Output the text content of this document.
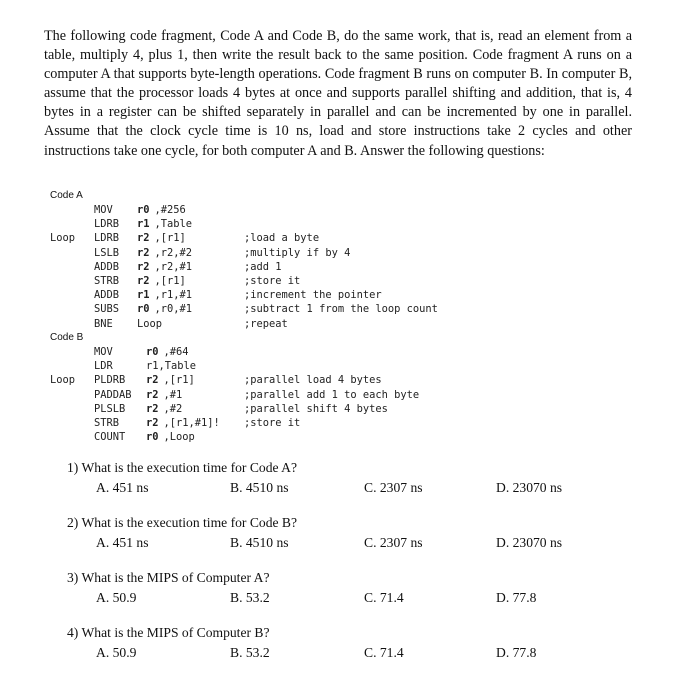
The following code fragment, Code A and Code B, do the same work, that is, read an element from a table, multiply 4, plus 1, then write the result back to the same position. Code fragment A runs on a computer A that supports byte-length operations. Code fragment B runs on computer B. In computer B, assume that the processor loads 4 bytes at once and supports parallel shifting and addition, that is, 4 bytes in a register can be shifted separately in parallel and can be incremented by one in parallel. Assume that the clock cycle time is 10 ns, load and store instructions take 2 cycles and other instructions take one cycle, for both computer A and B. Answer the following questions:

Code A
MOV r0 ,#256
LDRB r1 ,Table
Loop LDRB r2 ,[r1]	;load a byte
LSLB r2 ,r2,#2	;multiply if by 4
ADDB r2 ,r2,#1	;add 1
STRB r2 ,[r1]	;store it
ADDB r1 ,r1,#1	;increment the pointer
SUBS r0 ,r0,#1	;subtract 1 from the loop count
BNE Loop	;repeat
Code B
MOV	r0 ,#64
LDR	r1,Table
Loop PLDRB r2 ,[r1]	;parallel load 4 bytes
PADDAB r2 ,#1	;parallel add 1 to each byte
PLSLB r2 ,#2	;parallel shift 4 bytes
STRB	r2 ,[r1,#1]! ;store it
COUNT r0 ,Loop
1) What is the execution time for Code A?
A. 451 ns	B. 4510 ns	C. 2307 ns	D. 23070 ns
2) What is the execution time for Code B?
A. 451 ns	B. 4510 ns	C. 2307 ns	D. 23070 ns
3) What is the MIPS of Computer A?
A. 50.9	B. 53.2	C. 71.4	D. 77.8
4) What is the MIPS of Computer B?
A. 50.9	B. 53.2	C. 71.4	D. 77.8
